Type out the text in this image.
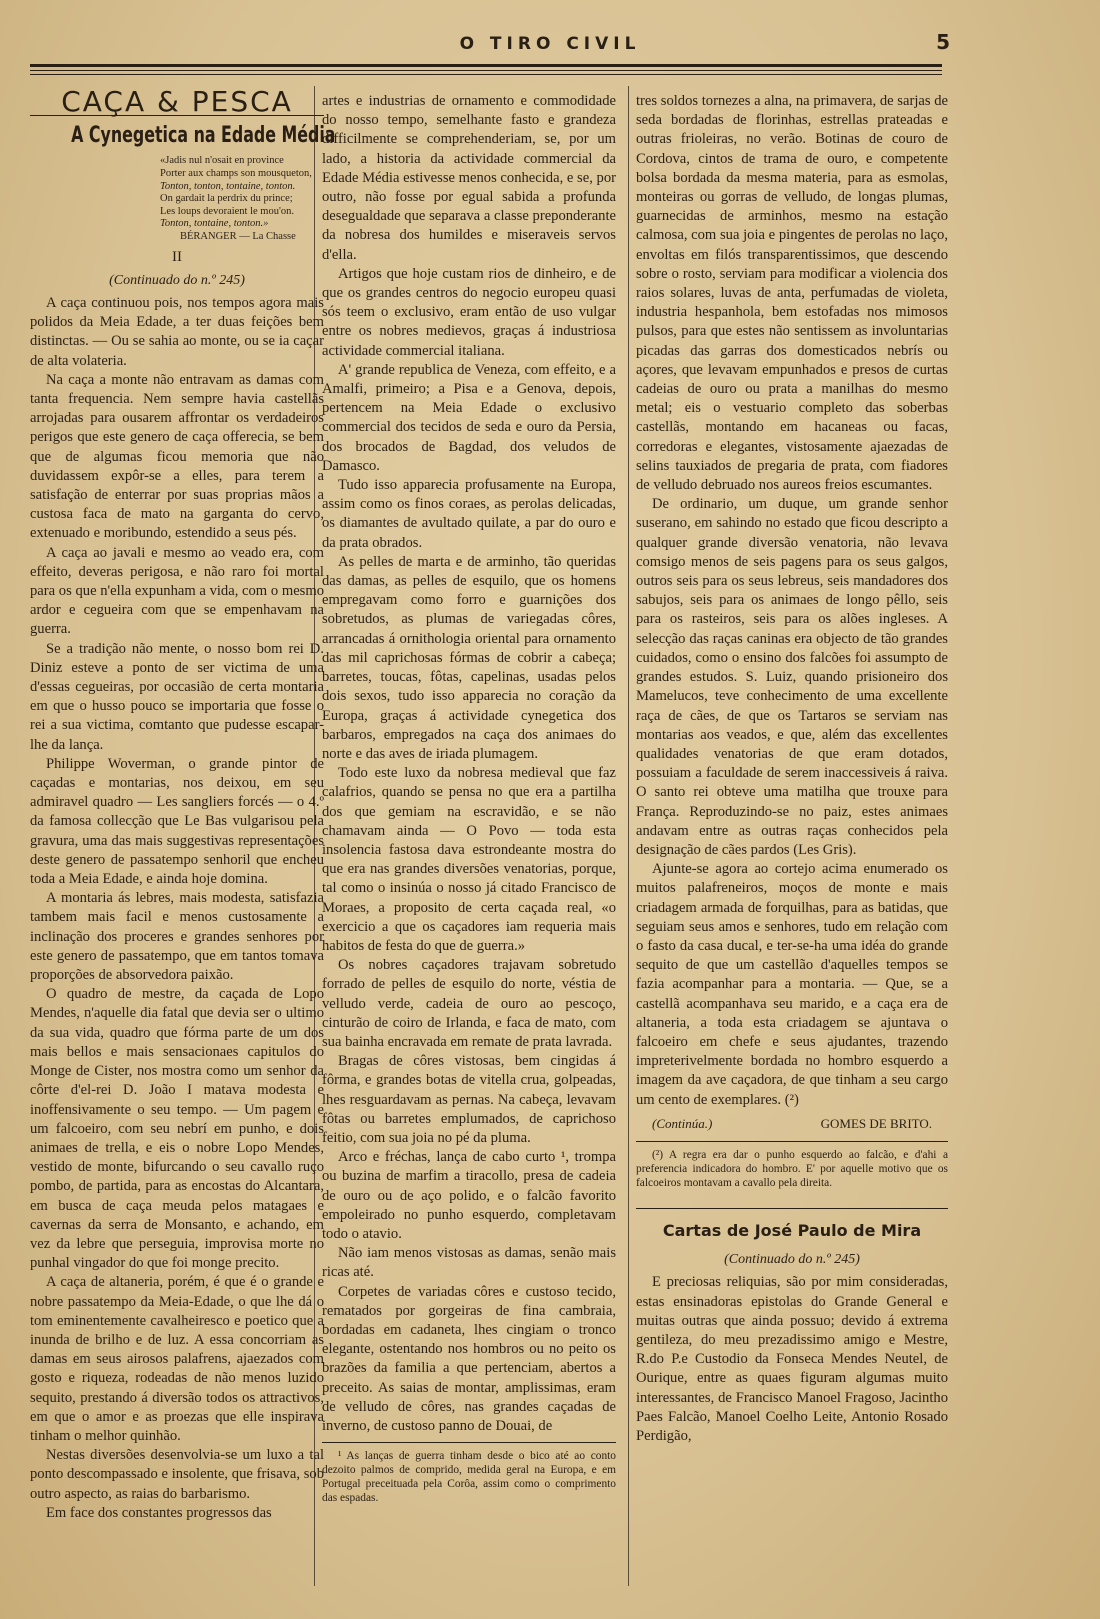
O TIRO CIVIL	5
CAÇA & PESCA
A Cynegetica na Edade Média
«Jadis nul n'osait en province
Porter aux champs son mousqueton,
Tonton, tonton, tontaine, tonton.
On gardait la perdrix du prince;
Les loups devoraient le mou'on.
Tonton, tontaine, tonton.»
BÉRANGER — La Chasse
II
(Continuado do n.º 245)

A caça continuou pois, nos tempos agora mais polidos da Meia Edade, a ter duas feições bem distinctas. — Ou se sahia ao monte, ou se ia caçar de alta volateria.

Na caça a monte não entravam as damas com tanta frequencia. Nem sempre havia castellãs arrojadas para ousarem affrontar os verdadeiros perigos que este genero de caça offerecia, se bem que de algumas ficou memoria que não duvidassem expôr-se a elles, para terem a satisfação de enterrar por suas proprias mãos a custosa faca de mato na garganta do cervo, extenuado e moribundo, estendido a seus pés.

A caça ao javali e mesmo ao veado era, com effeito, deveras perigosa, e não raro foi mortal para os que n'ella expunham a vida, com o mesmo ardor e cegueira com que se empenhavam na guerra.

Se a tradição não mente, o nosso bom rei D. Diniz esteve a ponto de ser victima de uma d'essas cegueiras, por occasião de certa montaria em que o husso pouco se importaria que fosse o rei a sua victima, comtanto que pudesse escapar-lhe da lança.

Philippe Woverman, o grande pintor de caçadas e montarias, nos deixou, em seu admiravel quadro — Les sangliers forcés — o 4.º da famosa collecção que Le Bas vulgarisou pela gravura, uma das mais suggestivas representações deste genero de passatempo senhoril que encheu toda a Meia Edade, e ainda hoje domina.

A montaria ás lebres, mais modesta, satisfazia tambem mais facil e menos custosamente a inclinação dos proceres e grandes senhores por este genero de passatempo, que em tantos tomava proporções de absorvedora paixão.

O quadro de mestre, da caçada de Lopo Mendes, n'aquelle dia fatal que devia ser o ultimo da sua vida, quadro que fórma parte de um dos mais bellos e mais sensacionaes capitulos do Monge de Cister, nos mostra como um senhor da côrte d'el-rei D. João I matava modesta e inoffensivamente o seu tempo. — Um pagem e um falcoeiro, com seu nebrí em punho, e dois animaes de trella, e eis o nobre Lopo Mendes, vestido de monte, bifurcando o seu cavallo ruço pombo, de partida, para as encostas do Alcantara, em busca de caça meuda pelos matagaes e cavernas da serra de Monsanto, e achando, em vez da lebre que perseguia, improvisa morte no punhal vingador do que foi monge precito.

A caça de altaneria, porém, é que é o grande e nobre passatempo da Meia-Edade, o que lhe dá o tom eminentemente cavalheiresco e poetico que a inunda de brilho e de luz. A essa concorriam as damas em seus airosos palafrens, ajaezados com gosto e riqueza, rodeadas de não menos luzido sequito, prestando á diversão todos os attractivos, em que o amor e as proezas que elle inspirava tinham o melhor quinhão.

Nestas diversões desenvolvia-se um luxo a tal ponto descompassado e insolente, que frisava, sob outro aspecto, as raias do barbarismo.

Em face dos constantes progressos das

artes e industrias de ornamento e commodidade do nosso tempo, semelhante fasto e grandeza difficilmente se comprehenderiam, se, por um lado, a historia da actividade commercial da Edade Média estivesse menos conhecida, e se, por outro, não fosse por egual sabida a profunda desegualdade que separava a classe preponderante da nobresa dos humildes e miseraveis servos d'ella.

Artigos que hoje custam rios de dinheiro, e de que os grandes centros do negocio europeu quasi sós teem o exclusivo, eram então de uso vulgar entre os nobres medievos, graças á industriosa actividade commercial italiana.

A' grande republica de Veneza, com effeito, e a Amalfi, primeiro; a Pisa e a Genova, depois, pertencem na Meia Edade o exclusivo commercial dos tecidos de seda e ouro da Persia, dos brocados de Bagdad, dos veludos de Damasco.

Tudo isso apparecia profusamente na Europa, assim como os finos coraes, as perolas delicadas, os diamantes de avultado quilate, a par do ouro e da prata obrados.

As pelles de marta e de arminho, tão queridas das damas, as pelles de esquilo, que os homens empregavam como forro e guarnições dos sobretudos, as plumas de variegadas côres, arrancadas á ornithologia oriental para ornamento das mil caprichosas fórmas de cobrir a cabeça; barretes, toucas, fôtas, capelinas, usadas pelos dois sexos, tudo isso apparecia no coração da Europa, graças á actividade cynegetica dos barbaros, empregados na caça dos animaes do norte e das aves de iriada plumagem.

Todo este luxo da nobresa medieval que faz calafrios, quando se pensa no que era a partilha dos que gemiam na escravidão, e se não chamavam ainda — O Povo — toda esta insolencia fastosa dava estrondeante mostra do que era nas grandes diversões venatorias, porque, tal como o insinúa o nosso já citado Francisco de Moraes, a proposito de certa caçada real, «o exercicio a que os caçadores iam requeria mais habitos de festa do que de guerra.»

Os nobres caçadores trajavam sobretudo forrado de pelles de esquilo do norte, véstia de velludo verde, cadeia de ouro ao pescoço, cinturão de coiro de Irlanda, e faca de mato, com sua bainha encravada em remate de prata lavrada.

Bragas de côres vistosas, bem cingidas á fôrma, e grandes botas de vitella crua, golpeadas, lhes resguardavam as pernas. Na cabeça, levavam fôtas ou barretes emplumados, de caprichoso feitio, com sua joia no pé da pluma.

Arco e fréchas, lança de cabo curto ¹, trompa ou buzina de marfim a tiracollo, presa de cadeia de ouro ou de aço polido, e o falcão favorito empoleirado no punho esquerdo, completavam todo o atavio.

Não iam menos vistosas as damas, senão mais ricas até.

Corpetes de variadas côres e custoso tecido, rematados por gorgeiras de fina cambraia, bordadas em cadaneta, lhes cingiam o tronco elegante, ostentando nos hombros ou no peito os brazões da familia a que pertenciam, abertos a preceito. As saias de montar, amplissimas, eram de velludo de côres, nas grandes caçadas de inverno, de custoso panno de Douai, de

¹ As lanças de guerra tinham desde o bico até ao conto dezoito palmos de comprido, medida geral na Europa, e em Portugal preceituada pela Corôa, assim como o comprimento das espadas.

tres soldos tornezes a alna, na primavera, de sarjas de seda bordadas de florinhas, estrellas prateadas e outras frioleiras, no verão. Botinas de couro de Cordova, cintos de trama de ouro, e competente bolsa bordada da mesma materia, para as esmolas, monteiras ou gorras de velludo, de longas plumas, guarnecidas de arminhos, mesmo na estação calmosa, com sua joia e pingentes de perolas no laço, envoltas em filós transparentissimos, que descendo sobre o rosto, serviam para modificar a violencia dos raios solares, luvas de anta, perfumadas de violeta, industria hespanhola, bem estofadas nos mimosos pulsos, para que estes não sentissem as involuntarias picadas das garras dos domesticados nebrís ou açores, que levavam empunhados e presos de curtas cadeias de ouro ou prata a manilhas do mesmo metal; eis o vestuario completo das soberbas castellãs, montando em hacaneas ou facas, corredoras e elegantes, vistosamente ajaezadas de selins tauxiados de pregaria de prata, com fiadores de velludo debruado nos aureos freios escumantes.

De ordinario, um duque, um grande senhor suserano, em sahindo no estado que ficou descripto a qualquer grande diversão venatoria, não levava comsigo menos de seis pagens para os seus galgos, outros seis para os seus lebreus, seis mandadores dos sabujos, seis para os animaes de longo pêllo, seis para os rasteiros, seis para os alões ingleses. A selecção das raças caninas era objecto de tão grandes cuidados, como o ensino dos falcões foi assumpto de grandes estudos. S. Luiz, quando prisioneiro dos Mamelucos, teve conhecimento de uma excellente raça de cães, de que os Tartaros se serviam nas montarias aos veados, e que, além das excellentes qualidades venatorias de que eram dotados, possuiam a faculdade de serem inaccessiveis á raiva. O santo rei obteve uma matilha que trouxe para França. Reproduzindo-se no paiz, estes animaes andavam entre as outras raças conhecidos pela designação de cães pardos (Les Gris).

Ajunte-se agora ao cortejo acima enumerado os muitos palafreneiros, moços de monte e mais criadagem armada de forquilhas, para as batidas, que seguiam seus amos e senhores, tudo em relação com o fasto da casa ducal, e ter-se-ha uma idéa do grande sequito de que um castellão d'aquelles tempos se fazia acompanhar para a montaria. — Que, se a castellã acompanhava seu marido, e a caça era de altaneria, a toda esta criadagem se ajuntava o falcoeiro em chefe e seus ajudantes, trazendo impreterivelmente bordada no hombro esquerdo a imagem da ave caçadora, de que tinham a seu cargo um cento de exemplares. (²)

(Continúa.)	GOMES DE BRITO.

(²) A regra era dar o punho esquerdo ao falcão, e d'ahi a preferencia indicadora do hombro. E' por aquelle motivo que os falcoeiros montavam a cavallo pela direita.

Cartas de José Paulo de Mira
(Continuado do n.º 245)

E preciosas reliquias, são por mim consideradas, estas ensinadoras epistolas do Grande General e muitas outras que ainda possuo; devido á extrema gentileza, do meu prezadissimo amigo e Mestre, R.do P.e Custodio da Fonseca Mendes Neutel, de Ourique, entre as quaes figuram algumas muito interessantes, de Francisco Manoel Fragoso, Jacintho Paes Falcão, Manoel Coelho Leite, Antonio Rosado Perdigão,
